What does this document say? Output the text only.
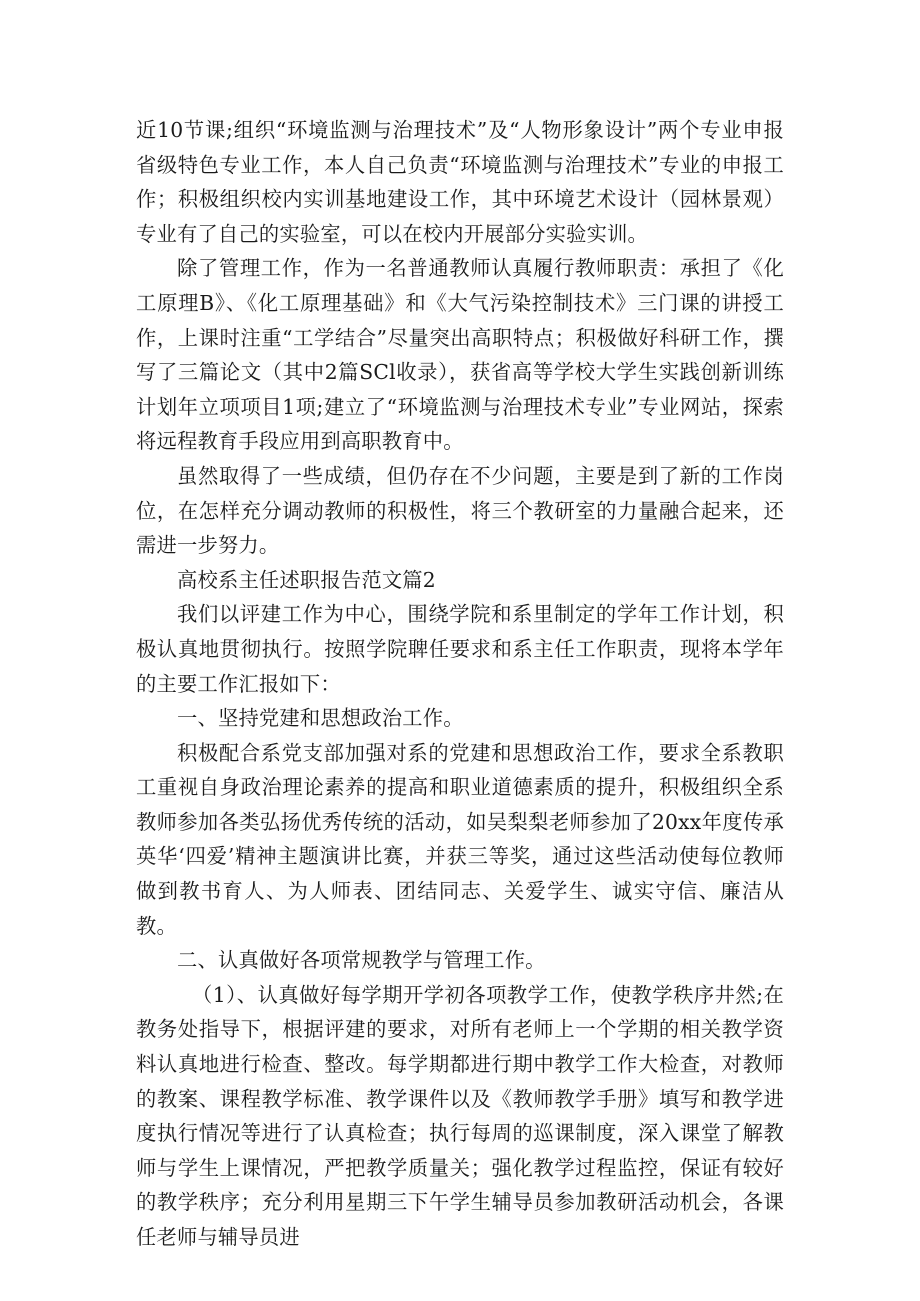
近10节课;组织“环境监测与治理技术”及“人物形象设计”两个专业申报省级特色专业工作，本人自己负责“环境监测与治理技术”专业的申报工作；积极组织校内实训基地建设工作，其中环境艺术设计（园林景观）专业有了自己的实验室，可以在校内开展部分实验实训。

除了管理工作，作为一名普通教师认真履行教师职责：承担了《化工原理B》、《化工原理基础》和《大气污染控制技术》三门课的讲授工作，上课时注重“工学结合”尽量突出高职特点；积极做好科研工作，撰写了三篇论文（其中2篇SCl收录），获省高等学校大学生实践创新训练计划年立项项目1项;建立了“环境监测与治理技术专业”专业网站，探索将远程教育手段应用到高职教育中。

虽然取得了一些成绩，但仍存在不少问题，主要是到了新的工作岗位，在怎样充分调动教师的积极性，将三个教研室的力量融合起来，还需进一步努力。

高校系主任述职报告范文篇2

我们以评建工作为中心，围绕学院和系里制定的学年工作计划，积极认真地贯彻执行。按照学院聛任要求和系主任工作职责，现将本学年的主要工作汇报如下：

一、坚持党建和思想政治工作。

积极配合系党支部加强对系的党建和思想政治工作，要求全系教职工重视自身政治理论素养的提高和职业道德素质的提升，积极组织全系教师参加各类弘扬优秀传统的活动，如吴梨梨老师参加了20xx年度传承英华‘四爱’精神主题演讲比赛，并获三等奖，通过这些活动使每位教师做到教书育人、为人师表、团结同志、关爱学生、诚实守信、廉洁从教。

二、认真做好各项常规教学与管理工作。

（1）、认真做好每学期开学初各项教学工作，使教学秩序井然;在教务处指导下，根据评建的要求，对所有老师上一个学期的相关教学资料认真地进行检查、整改。每学期都进行期中教学工作大检查，对教师的教案、课程教学标准、教学课件以及《教师教学手册》填写和教学进度执行情况等进行了认真检查；执行每周的巡课制度，深入课堂了解教师与学生上课情况，严把教学质量关；强化教学过程监控，保证有较好的教学秩序；充分利用星期三下午学生辅导员参加教研活动机会，各课任老师与辅导员进
